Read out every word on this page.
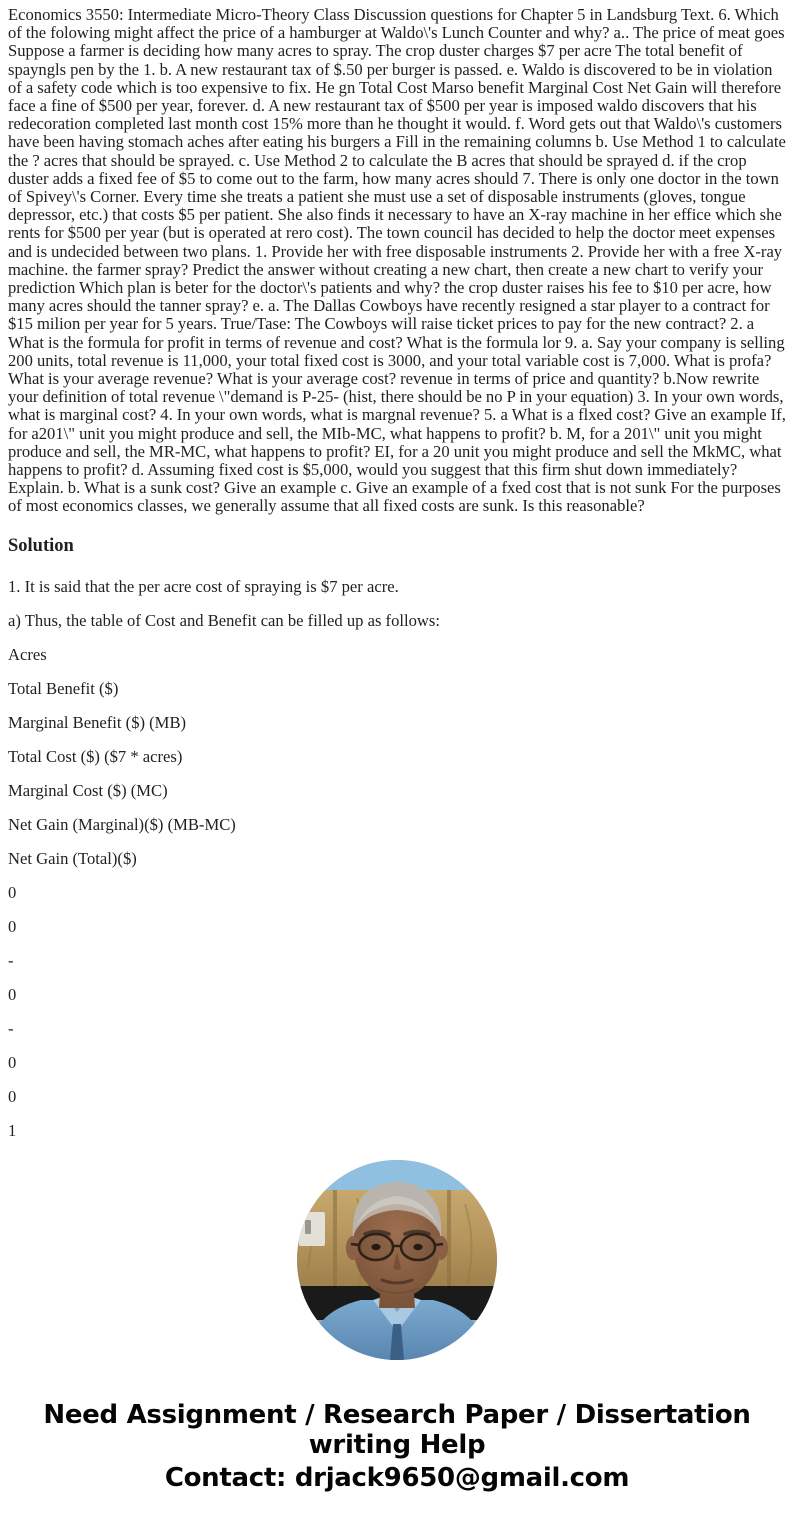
Economics 3550: Intermediate Micro-Theory Class Discussion questions for Chapter 5 in Landsburg Text. 6. Which of the folowing might affect the price of a hamburger at Waldo\'s Lunch Counter and why? a.. The price of meat goes Suppose a farmer is deciding how many acres to spray. The crop duster charges $7 per acre The total benefit of spayngls pen by the 1. b. A new restaurant tax of $.50 per burger is passed. e. Waldo is discovered to be in violation of a safety code which is too expensive to fix. He gn Total Cost Marso benefit Marginal Cost Net Gain will therefore face a fine of $500 per year, forever. d. A new restaurant tax of $500 per year is imposed waldo discovers that his redecoration completed last month cost 15% more than he thought it would. f. Word gets out that Waldo\'s customers have been having stomach aches after eating his burgers a Fill in the remaining columns b. Use Method 1 to calculate the ? acres that should be sprayed. c. Use Method 2 to calculate the B acres that should be sprayed d. if the crop duster adds a fixed fee of $5 to come out to the farm, how many acres should 7. There is only one doctor in the town of Spivey\'s Corner. Every time she treats a patient she must use a set of disposable instruments (gloves, tongue depressor, etc.) that costs $5 per patient. She also finds it necessary to have an X-ray machine in her effice which she rents for $500 per year (but is operated at rero cost). The town council has decided to help the doctor meet expenses and is undecided between two plans. 1. Provide her with free disposable instruments 2. Provide her with a free X-ray machine. the farmer spray? Predict the answer without creating a new chart, then create a new chart to verify your prediction Which plan is beter for the doctor\'s patients and why? the crop duster raises his fee to $10 per acre, how many acres should the tanner spray? e. a. The Dallas Cowboys have recently resigned a star player to a contract for $15 milion per year for 5 years. True/Tase: The Cowboys will raise ticket prices to pay for the new contract? 2. a What is the formula for profit in terms of revenue and cost? What is the formula lor 9. a. Say your company is selling 200 units, total revenue is 11,000, your total fixed cost is 3000, and your total variable cost is 7,000. What is profa? What is your average revenue? What is your average cost? revenue in terms of price and quantity? b.Now rewrite your definition of total revenue \"demand is P-25- (hist, there should be no P in your equation) 3. In your own words, what is marginal cost? 4. In your own words, what is margnal revenue? 5. a What is a flxed cost? Give an example If, for a201\" unit you might produce and sell, the MIb-MC, what happens to profit? b. M, for a 201\" unit you might produce and sell, the MR-MC, what happens to profit? EI, for a 20 unit you might produce and sell the MkMC, what happens to profit? d. Assuming fixed cost is $5,000, would you suggest that this firm shut down immediately? Explain. b. What is a sunk cost? Give an example c. Give an example of a fxed cost that is not sunk For the purposes of most economics classes, we generally assume that all fixed costs are sunk. Is this reasonable?

Solution

1. It is said that the per acre cost of spraying is $7 per acre.

a) Thus, the table of Cost and Benefit can be filled up as follows:

Acres

Total Benefit ($)

Marginal Benefit ($) (MB)

Total Cost ($) ($7 * acres)

Marginal Cost ($) (MC)

Net Gain (Marginal)($) (MB-MC)

Net Gain (Total)($)

0

0

-

0

-

0

0

1

Need Assignment / Research Paper / Dissertation
writing Help
Contact: drjack9650@gmail.com
